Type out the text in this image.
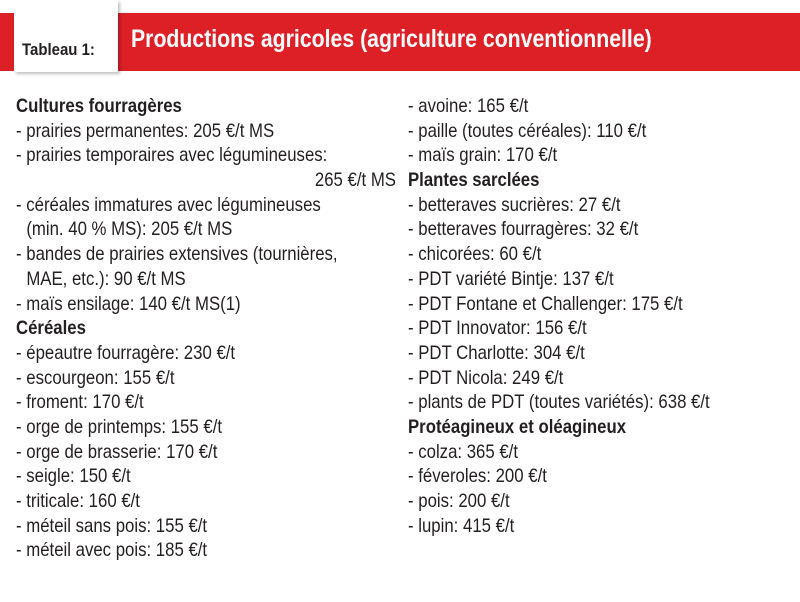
Tableau 1: Productions agricoles (agriculture conventionnelle)
Cultures fourragères
- prairies permanentes: 205 €/t MS
- prairies temporaires avec légumineuses:
265 €/t MS
- céréales immatures avec légumineuses
(min. 40 % MS): 205 €/t MS
- bandes de prairies extensives (tournières,
MAE, etc.): 90 €/t MS
- maïs ensilage: 140 €/t MS(1)
Céréales
- épeautre fourragère: 230 €/t
- escourgeon: 155 €/t
- froment: 170 €/t
- orge de printemps: 155 €/t
- orge de brasserie: 170 €/t
- seigle: 150 €/t
- triticale: 160 €/t
- méteil sans pois: 155 €/t
- méteil avec pois: 185 €/t
- avoine: 165 €/t
- paille (toutes céréales): 110 €/t
- maïs grain: 170 €/t
Plantes sarclées
- betteraves sucrières: 27 €/t
- betteraves fourragères: 32 €/t
- chicorées: 60 €/t
- PDT variété Bintje: 137 €/t
- PDT Fontane et Challenger: 175 €/t
- PDT Innovator: 156 €/t
- PDT Charlotte: 304 €/t
- PDT Nicola: 249 €/t
- plants de PDT (toutes variétés): 638 €/t
Protéagineux et oléagineux
- colza: 365 €/t
- féveroles: 200 €/t
- pois: 200 €/t
- lupin: 415 €/t
